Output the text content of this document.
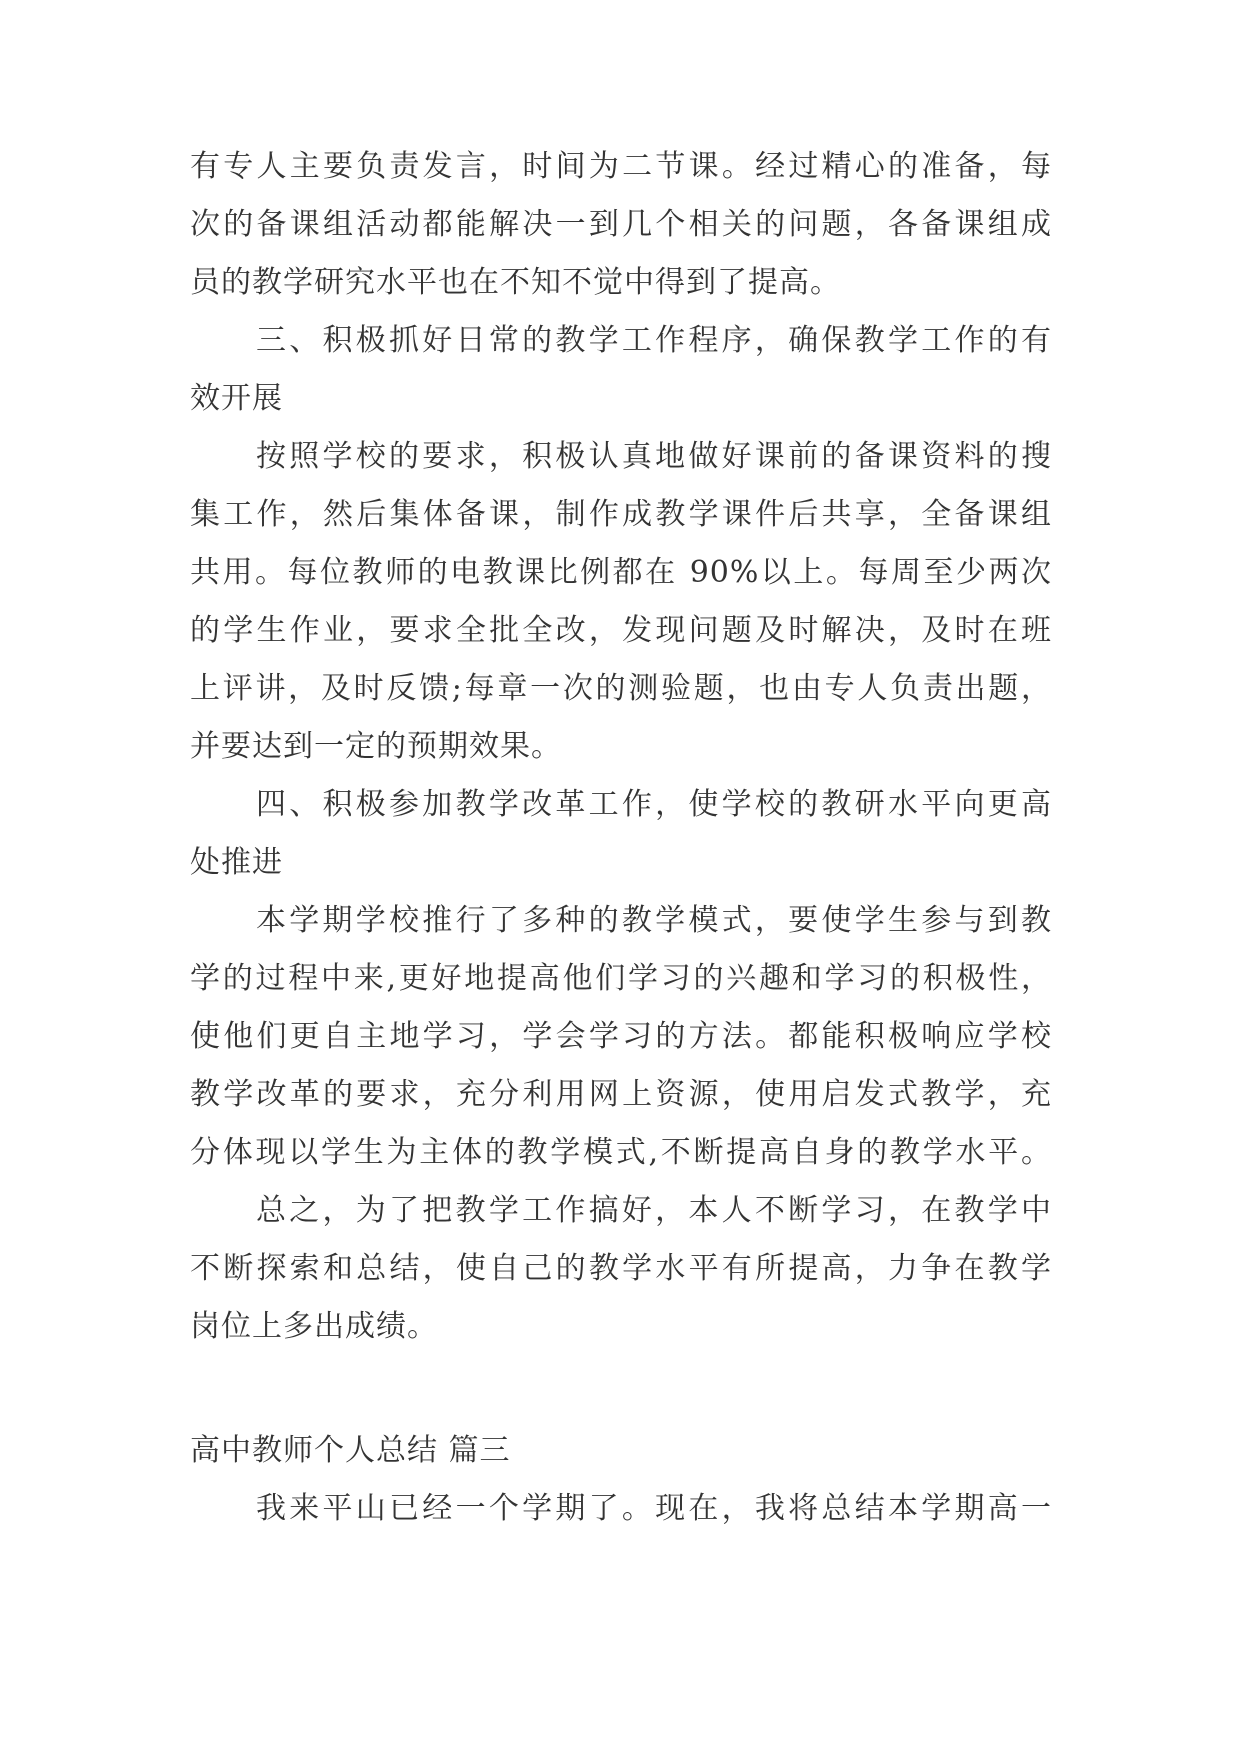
有专人主要负责发言，时间为二节课。经过精心的准备，每
次的备课组活动都能解决一到几个相关的问题，各备课组成
员的教学研究水平也在不知不觉中得到了提高。
三、积极抓好日常的教学工作程序，确保教学工作的有
效开展
按照学校的要求，积极认真地做好课前的备课资料的搜
集工作，然后集体备课，制作成教学课件后共享，全备课组
共用。每位教师的电教课比例都在 90%以上。每周至少两次
的学生作业，要求全批全改，发现问题及时解决，及时在班
上评讲，及时反馈;每章一次的测验题，也由专人负责出题，
并要达到一定的预期效果。
四、积极参加教学改革工作，使学校的教研水平向更高
处推进
本学期学校推行了多种的教学模式，要使学生参与到教
学的过程中来,更好地提高他们学习的兴趣和学习的积极性，
使他们更自主地学习，学会学习的方法。都能积极响应学校
教学改革的要求，充分利用网上资源，使用启发式教学，充
分体现以学生为主体的教学模式,不断提高自身的教学水平。
总之，为了把教学工作搞好，本人不断学习，在教学中
不断探索和总结，使自己的教学水平有所提高，力争在教学
岗位上多出成绩。
高中教师个人总结 篇三
我来平山已经一个学期了。现在，我将总结本学期高一
